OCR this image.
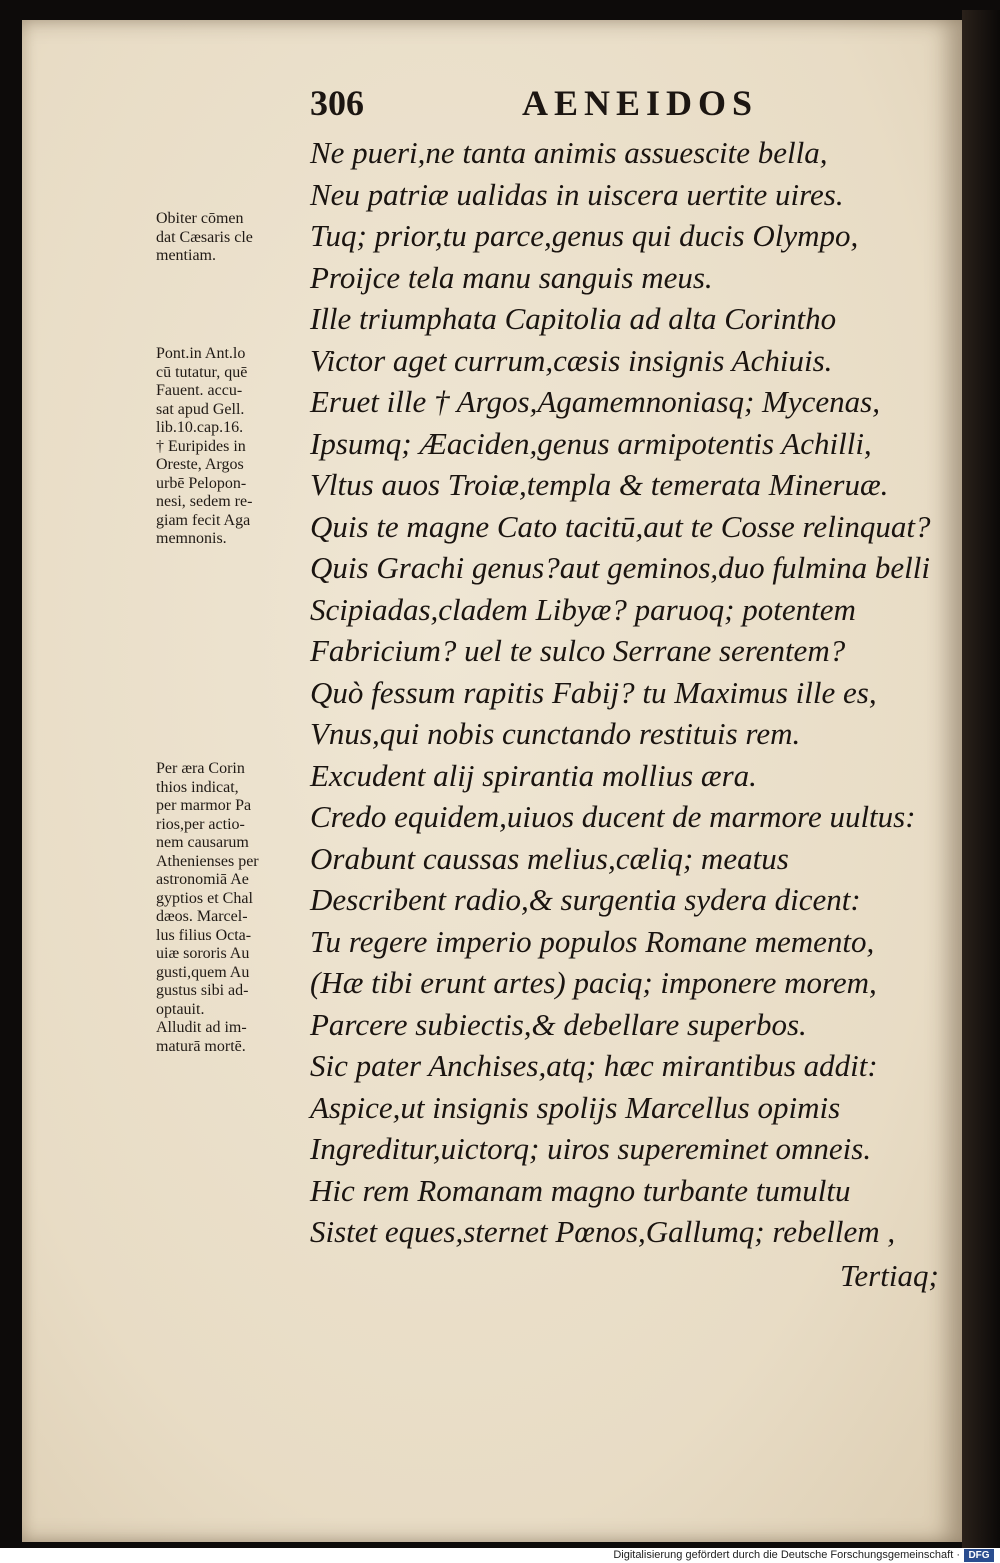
306	AENEIDOS
Ne pueri,ne tanta animis assuescite bella,
Neu patriæ ualidas in uiscera uertite uires.
Tuq; prior,tu parce,genus qui ducis Olympo,
Proijce tela manu sanguis meus.
Ille triumphata Capitolia ad alta Corintho
Victor aget currum,cæsis insignis Achiuis.
Eruet ille † Argos,Agamemnoniasq; Mycenas,
Ipsumq; Æaciden,genus armipotentis Achilli,
Vltus auos Troiæ,templa & temerata Mineruæ.
Quis te magne Cato tacitū,aut te Cosse relinquat?
Quis Grachi genus?aut geminos,duo fulmina belli
Scipiadas,cladem Libyæ? paruoq; potentem
Fabricium? uel te sulco Serrane serentem?
Quò fessum rapitis Fabij? tu Maximus ille es,
Vnus,qui nobis cunctando restituis rem.
Excudent alij spirantia mollius æra.
Credo equidem,uiuos ducent de marmore uultus:
Orabunt caussas melius,cæliq; meatus
Describent radio,& surgentia sydera dicent:
Tu regere imperio populos Romane memento,
(Hæ tibi erunt artes) paciq; imponere morem,
Parcere subiectis,& debellare superbos.
Sic pater Anchises,atq; hæc mirantibus addit:
Aspice,ut insignis spolijs Marcellus opimis
Ingreditur,uictorq; uiros supereminet omneis.
Hic rem Romanam magno turbante tumultu
Sistet eques,sternet Pœnos,Gallumq; rebellem ,
Tertiaq;
Obiter cōmen
dat Cæsaris cle
mentiam.
Pont.in Ant.lo
cū tutatur, quē
Fauent. accu-
sat apud Gell.
lib.10.cap.16.
† Euripides in
Oreste, Argos
urbē Pelopon-
nesi, sedem re-
giam fecit Aga
memnonis.
Per æra Corin
thios indicat,
per marmor Pa
rios,per actio-
nem causarum
Athenienses per
astronomiā Ae
gyptios et Chal
dæos. Marcel-
lus filius Octa-
uiæ sororis Au
gusti,quem Au
gustus sibi ad-
optauit.
Alludit ad im-
maturā mortē.
Digitalisierung gefördert durch die Deutsche Forschungsgemeinschaft · DFG
